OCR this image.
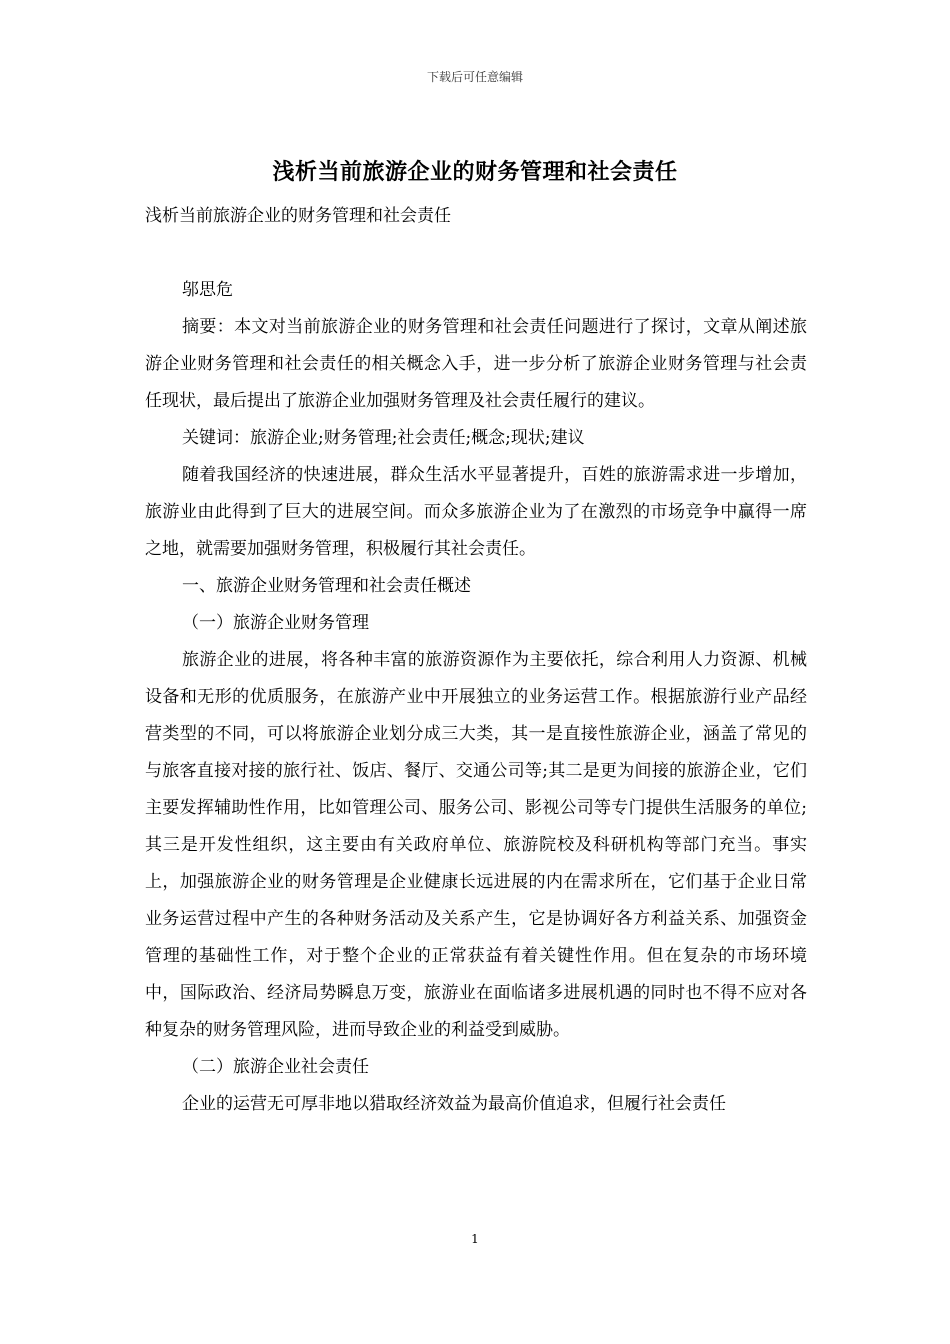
下载后可任意编辑
浅析当前旅游企业的财务管理和社会责任

浅析当前旅游企业的财务管理和社会责任

邬思危

摘要：本文对当前旅游企业的财务管理和社会责任问题进行了探讨，文章从阐述旅游企业财务管理和社会责任的相关概念入手，进一步分析了旅游企业财务管理与社会责任现状，最后提出了旅游企业加强财务管理及社会责任履行的建议。

关键词：旅游企业;财务管理;社会责任;概念;现状;建议

随着我国经济的快速进展，群众生活水平显著提升，百姓的旅游需求进一步增加，旅游业由此得到了巨大的进展空间。而众多旅游企业为了在激烈的市场竞争中赢得一席之地，就需要加强财务管理，积极履行其社会责任。

一、旅游企业财务管理和社会责任概述

（一）旅游企业财务管理

旅游企业的进展，将各种丰富的旅游资源作为主要依托，综合利用人力资源、机械设备和无形的优质服务，在旅游产业中开展独立的业务运营工作。根据旅游行业产品经营类型的不同，可以将旅游企业划分成三大类，其一是直接性旅游企业，涵盖了常见的与旅客直接对接的旅行社、饭店、餐厅、交通公司等;其二是更为间接的旅游企业，它们主要发挥辅助性作用，比如管理公司、服务公司、影视公司等专门提供生活服务的单位;其三是开发性组织，这主要由有关政府单位、旅游院校及科研机构等部门充当。事实上，加强旅游企业的财务管理是企业健康长远进展的内在需求所在，它们基于企业日常业务运营过程中产生的各种财务活动及关系产生，它是协调好各方利益关系、加强资金管理的基础性工作，对于整个企业的正常获益有着关键性作用。但在复杂的市场环境中，国际政治、经济局势瞬息万变，旅游业在面临诸多进展机遇的同时也不得不应对各种复杂的财务管理风险，进而导致企业的利益受到威胁。

（二）旅游企业社会责任

企业的运营无可厚非地以猎取经济效益为最高价值追求，但履行社会责任

1
